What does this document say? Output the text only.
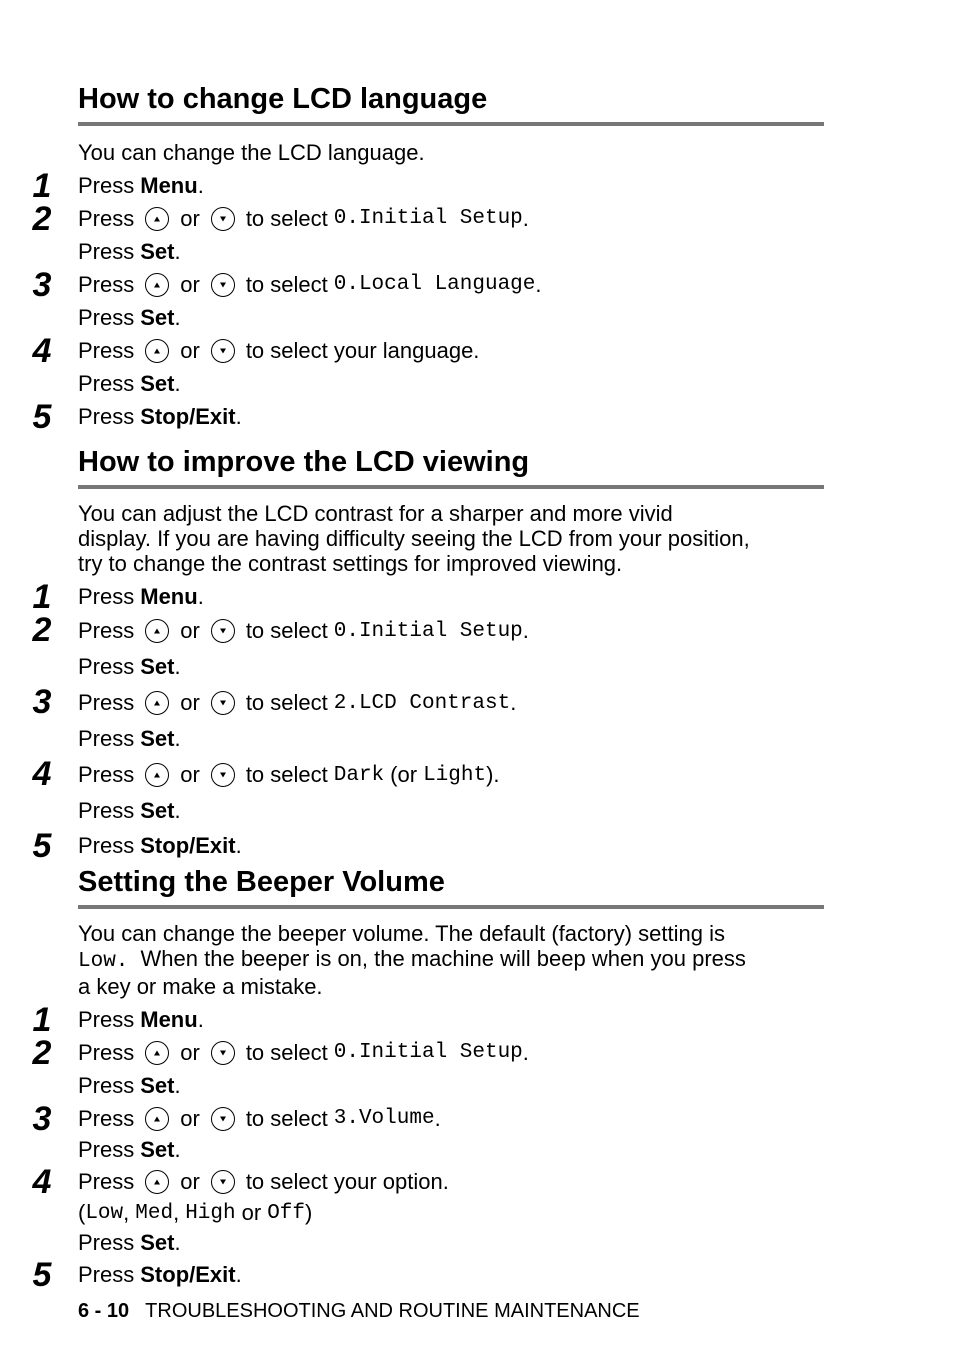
How to change LCD language

You can change the LCD language.

1	Press Menu .
2	Press or to select 0.Initial Setup .
Press Set .
3	Press or to select 0.Local Language .
Press Set .
4	Press or to select your language.
Press Set .
5	Press Stop/Exit .
How to improve the LCD viewing

You can adjust the LCD contrast for a sharper and more vivid

display. If you are having difficulty seeing the LCD from your position,

try to change the contrast settings for improved viewing.

1	Press Menu .
2	Press or to select 0.Initial Setup .
Press Set .
3	Press or to select 2.LCD Contrast .
Press Set .
4	Press or to select Dark (or Light ).
Press Set .
5	Press Stop/Exit .
Setting the Beeper Volume

You can change the beeper volume. The default (factory) setting is

Low. When the beeper is on, the machine will beep when you press

a key or make a mistake.

1	Press Menu .
2	Press or to select 0.Initial Setup .
Press Set .
3	Press or to select 3.Volume .
Press Set .
4	Press or to select your option.
( Low , Med , High or Off )
Press Set .
5	Press Stop/Exit .
6 - 10 TROUBLESHOOTING AND ROUTINE MAINTENANCE
